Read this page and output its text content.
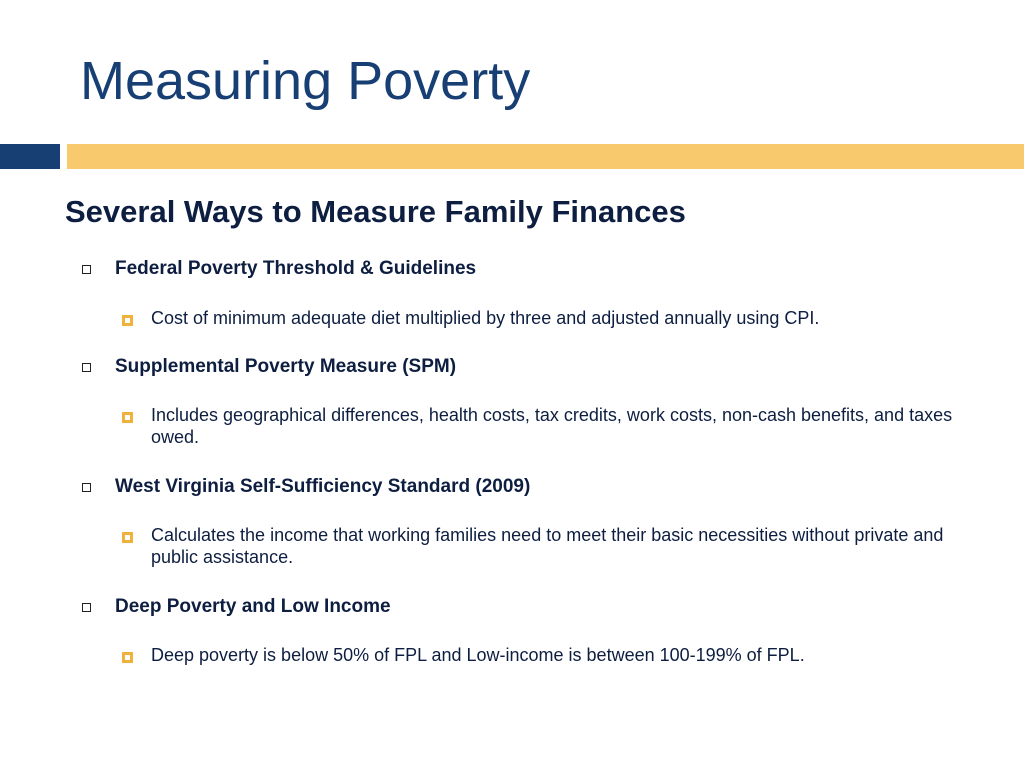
Measuring Poverty
Several Ways to Measure Family Finances
Federal Poverty Threshold & Guidelines
Cost of minimum adequate diet multiplied by three and adjusted annually using CPI.
Supplemental Poverty Measure (SPM)
Includes geographical differences, health costs, tax credits, work costs, non-cash benefits, and taxes owed.
West Virginia Self-Sufficiency Standard (2009)
Calculates the income that working families need to meet their basic necessities without private and public assistance.
Deep Poverty and Low Income
Deep poverty is below 50% of FPL and Low-income is between 100-199% of FPL.
